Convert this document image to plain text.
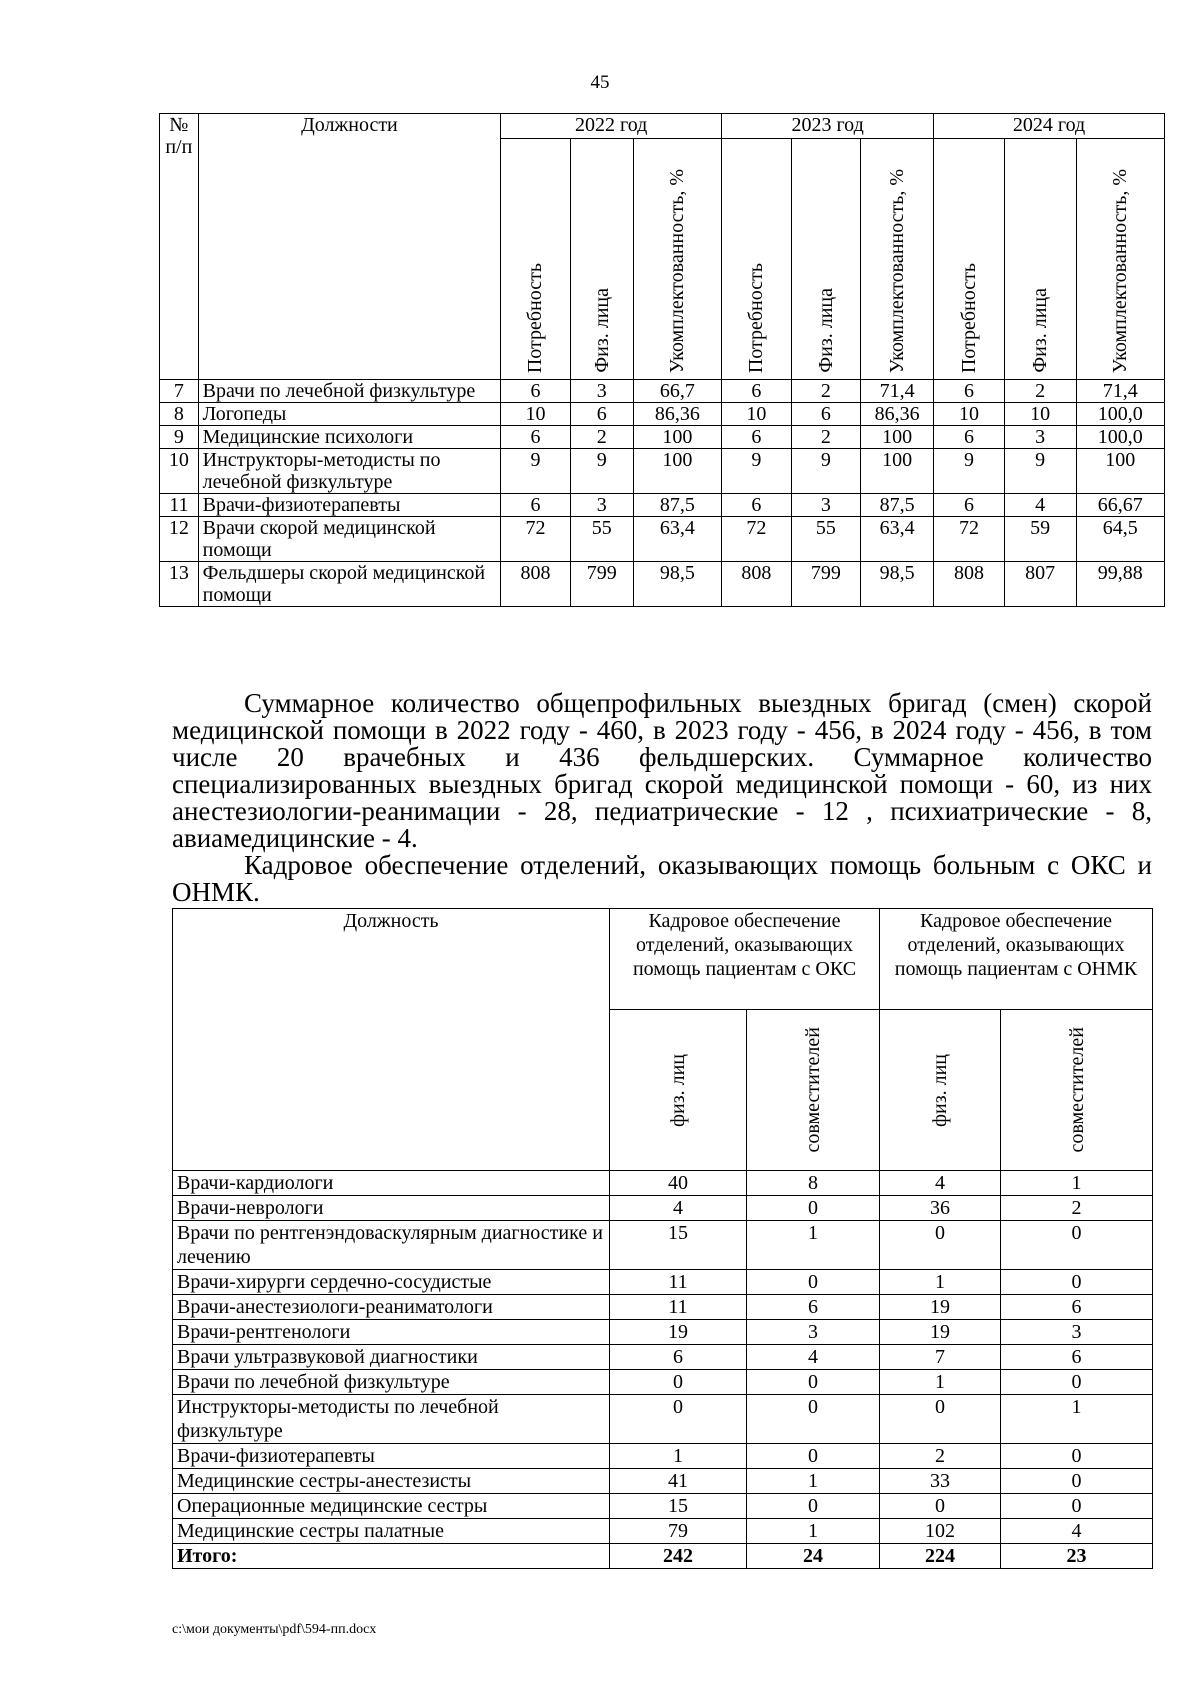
45
№ п/п	Должности	2022 год			2023 год			2024 год		

		Потребность	Физ. лица	Укомплектованность, %	Потребность	Физ. лица	Укомплектованность, %	Потребность	Физ. лица	Укомплектованность, %

7	Врачи по лечебной физкультуре	6	3	66,7	6	2	71,4	6	2	71,4
8	Логопеды	10	6	86,36	10	6	86,36	10	10	100,0
9	Медицинские психологи	6	2	100	6	2	100	6	3	100,0
10	Инструкторы-методисты по лечебной физкультуре	9	9	100	9	9	100	9	9	100
11	Врачи-физиотерапевты	6	3	87,5	6	3	87,5	6	4	66,67
12	Врачи скорой медицинской помощи	72	55	63,4	72	55	63,4	72	59	64,5
13	Фельдшеры скорой медицинской помощи	808	799	98,5	808	799	98,5	808	807	99,88

Суммарное количество общепрофильных выездных бригад (смен) скорой медицинской помощи в 2022 году - 460, в 2023 году - 456, в 2024 году - 456, в том числе 20 врачебных и 436 фельдшерских. Суммарное количество специализированных выездных бригад скорой медицинской помощи - 60, из них анестезиологии-реанимации - 28, педиатрические - 12 , психиатрические - 8, авиамедицинские - 4.

Кадровое обеспечение отделений, оказывающих помощь больным с ОКС и ОНМК.

Должность	Кадровое обеспечение отделений, оказывающих помощь пациентам с ОКС		Кадровое обеспечение отделений, оказывающих помощь пациентам с ОНМК	

	физ. лиц	совместителей	физ. лиц	совместителей

Врачи-кардиологи	40	8	4	1
Врачи-неврологи	4	0	36	2
Врачи по рентгенэндоваскулярным диагностике и лечению	15	1	0	0
Врачи-хирурги сердечно-сосудистые	11	0	1	0
Врачи-анестезиологи-реаниматологи	11	6	19	6
Врачи-рентгенологи	19	3	19	3
Врачи ультразвуковой диагностики	6	4	7	6
Врачи по лечебной физкультуре	0	0	1	0
Инструкторы-методисты по лечебной физкультуре	0	0	0	1
Врачи-физиотерапевты	1	0	2	0
Медицинские сестры-анестезисты	41	1	33	0
Операционные медицинские сестры	15	0	0	0
Медицинские сестры палатные	79	1	102	4
Итого:	242	24	224	23
c:\мои документы\pdf\594-пп.docx
